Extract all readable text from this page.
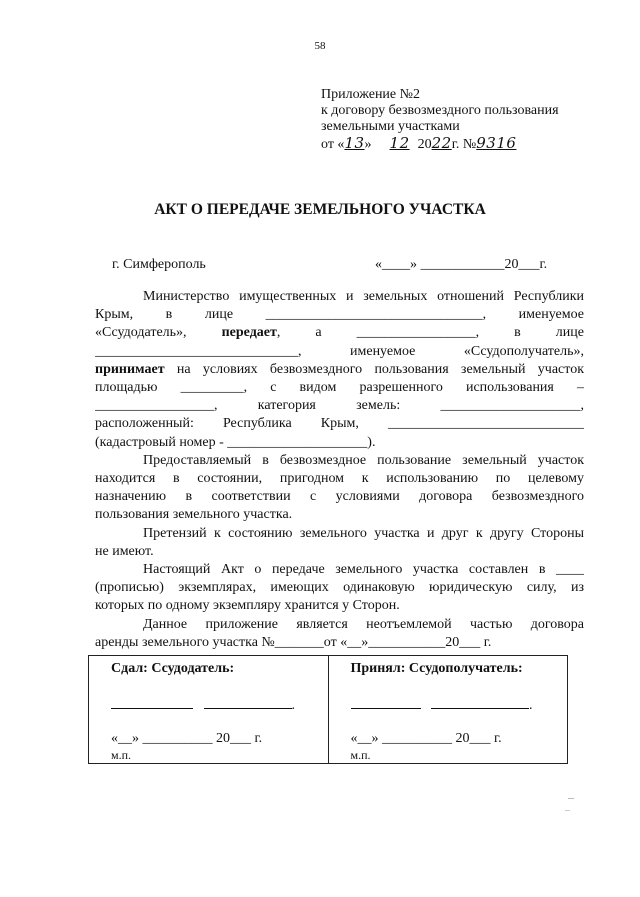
58
Приложение №2
к договору безвозмездного пользования
земельными участками
от «13» 12 2022г. №9316
АКТ О ПЕРЕДАЧЕ ЗЕМЕЛЬНОГО УЧАСТКА
г. Симферополь	«____» ____________20___г.
Министерство имущественных и земельных отношений Республики
Крым, в лице _______________________________, именуемое
«Ссудодатель»,	передает, а _________________, в лице
_____________________________, именуемое «Ссудополучатель»,
принимает на условиях безвозмездного пользования земельный участок
площадью _________, с видом разрешенного использования –
_________________, категория земель: ____________________,
расположенный: Республика Крым, ____________________________
(кадастровый номер - ____________________).
Предоставляемый в безвозмездное пользование земельный участок
находится в состоянии, пригодном к использованию по целевому
назначению в соответствии с условиями договора безвозмездного
пользования земельного участка.
Претензий к состоянию земельного участка и друг к другу Стороны
не имеют.
Настоящий Акт о передаче земельного участка составлен в ____
(прописью) экземплярах, имеющих одинаковую юридическую силу, из
которых по одному экземпляру хранится у Сторон.
Данное приложение является неотъемлемой частью договора
аренды земельного участка №_______от «__»___________20___ г.
Сдал: Ссудодатель:
.
«__» __________ 20___ г.
м.п.
Принял: Ссудополучатель:
.
«__» __________ 20___ г.
м.п.
